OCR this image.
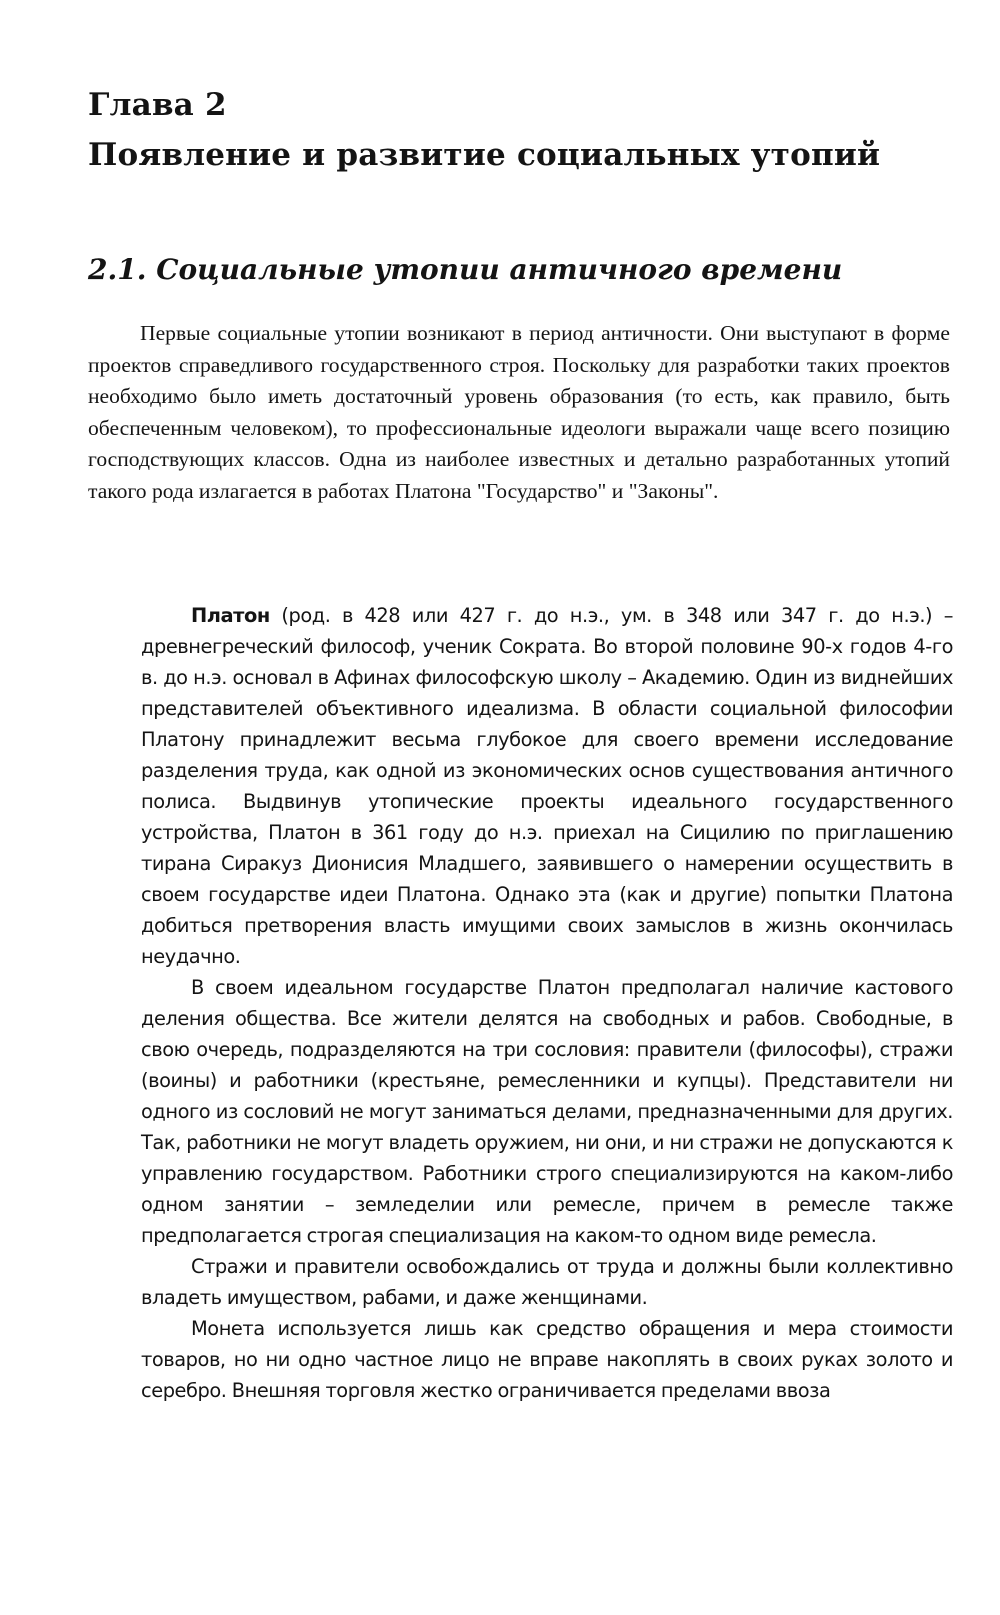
Глава 2
Появление и развитие социальных утопий
2.1. Социальные утопии античного времени

Первые социальные утопии возникают в период античности. Они выступают в форме проектов справедливого государственного строя. Поскольку для разработки таких проектов необходимо было иметь достаточный уровень образования (то есть, как правило, быть обеспеченным человеком), то профессиональные идеологи выражали чаще всего позицию господствующих классов. Одна из наиболее известных и детально разработанных утопий такого рода излагается в работах Платона "Государство" и "Законы".

Платон (род. в 428 или 427 г. до н.э., ум. в 348 или 347 г. до н.э.) – древнегреческий философ, ученик Сократа. Во второй половине 90-х годов 4-го в. до н.э. основал в Афинах философскую школу – Академию. Один из виднейших представителей объективного идеализма. В области социальной философии Платону принадлежит весьма глубокое для своего времени исследование разделения труда, как одной из экономических основ существования античного полиса. Выдвинув утопические проекты идеального государственного устройства, Платон в 361 году до н.э. приехал на Сицилию по приглашению тирана Сиракуз Дионисия Младшего, заявившего о намерении осуществить в своем государстве идеи Платона. Однако эта (как и другие) попытки Платона добиться претворения власть имущими своих замыслов в жизнь окончилась неудачно.

В своем идеальном государстве Платон предполагал наличие кастового деления общества. Все жители делятся на свободных и рабов. Свободные, в свою очередь, подразделяются на три сословия: правители (философы), стражи (воины) и работники (крестьяне, ремесленники и купцы). Представители ни одного из сословий не могут заниматься делами, предназначенными для других. Так, работники не могут владеть оружием, ни они, и ни стражи не допускаются к управлению государством. Работники строго специализируются на каком-либо одном занятии – земледелии или ремесле, причем в ремесле также предполагается строгая специализация на каком-то одном виде ремесла.

Стражи и правители освобождались от труда и должны были коллективно владеть имуществом, рабами, и даже женщинами.

Монета используется лишь как средство обращения и мера стоимости товаров, но ни одно частное лицо не вправе накоплять в своих руках золото и серебро. Внешняя торговля жестко ограничивается пределами ввоза
